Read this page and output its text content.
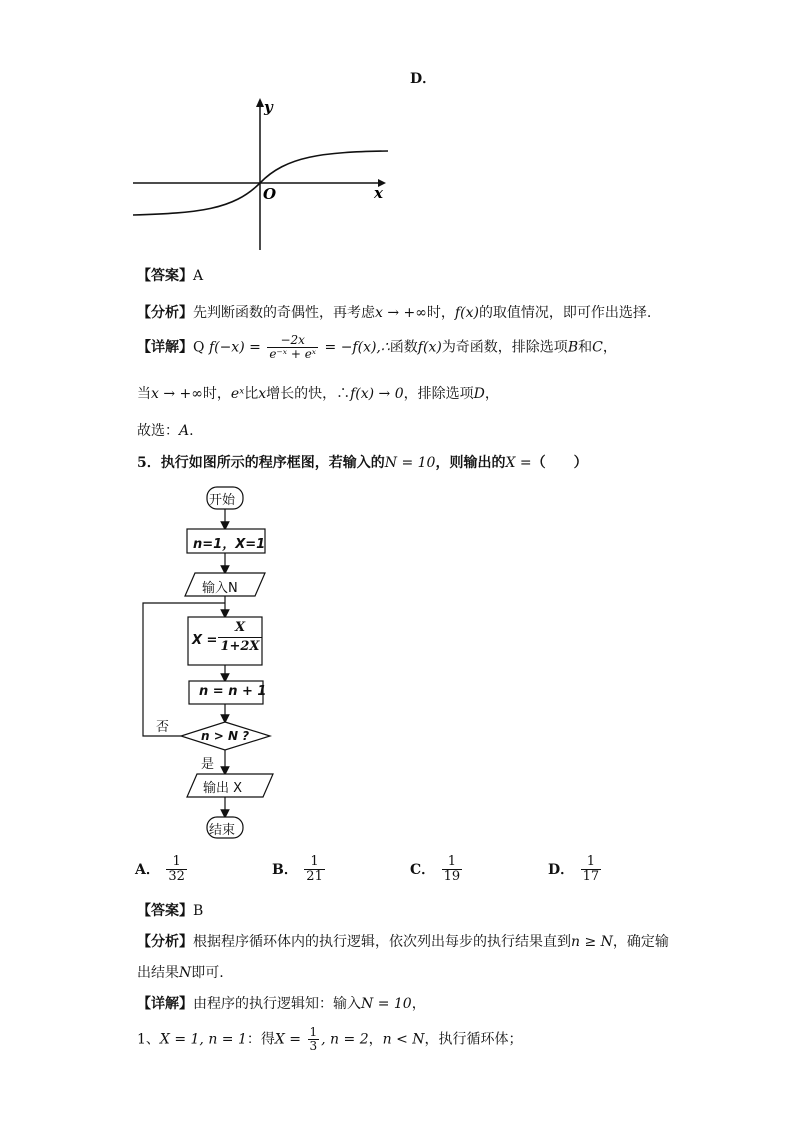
D．
y
x
O
【答案】A
【分析】先判断函数的奇偶性，再考虑x → +∞时，f(x)的取值情况，即可作出选择.
【详解】Q $f(-x) = \frac{-2x}{\text{e⁻ˣ + eˣ}}$ = −f(x),∴函数f(x)为奇函数，排除选项B和C，
当x → +∞时，eˣ比x增长的快，∴f(x) → 0，排除选项D，
故选：A.
5．执行如图所示的程序框图，若输入的N = 10，则输出的X =（　　）
开始
n=1，X=1
输入N
X =
X
1+2X
n = n + 1
n > N ?
否
是
输出 X
结束
A． $\frac{1}{32}$	B． $\frac{1}{21}$	C． $\frac{1}{19}$	D． $\frac{1}{17}$
【答案】B
【分析】根据程序循环体内的执行逻辑，依次列出每步的执行结果直到n ≥ N，确定输
出结果N即可.
【详解】由程序的执行逻辑知：输入N = 10，
1、X = 1, n = 1：得$X = \frac{1}{3}$ , n = 2，n < N，执行循环体；
